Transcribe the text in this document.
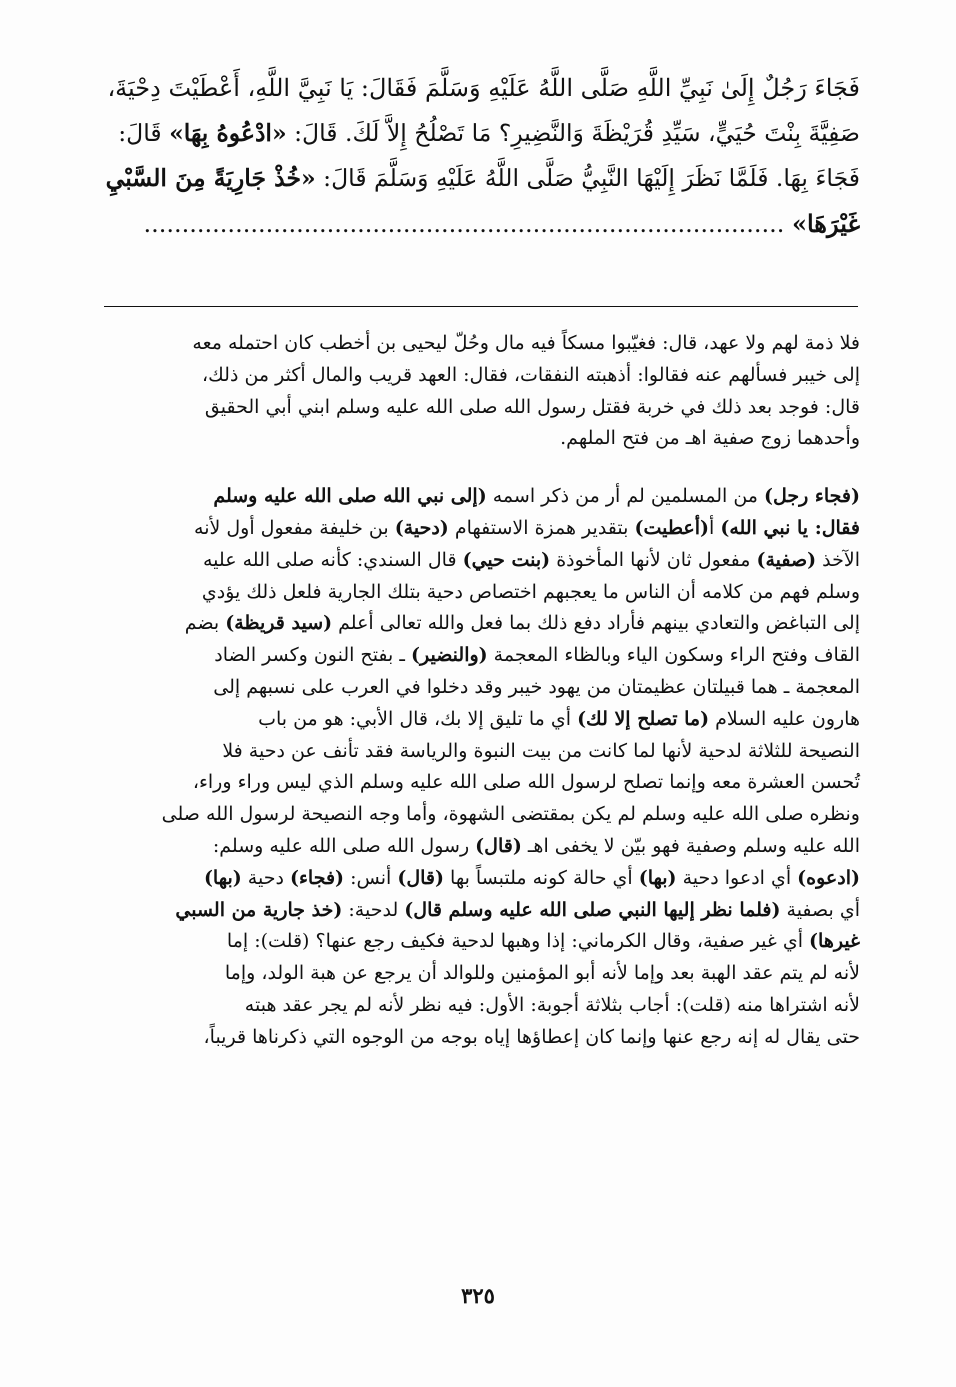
فَجَاءَ رَجُلٌ إِلَىٰ نَبِيِّ اللَّهِ صَلَّى اللَّهُ عَلَيْهِ وَسَلَّمَ فَقَالَ: يَا نَبِيَّ اللَّهِ، أَعْطَيْتَ دِحْيَةَ،
صَفِيَّةَ بِنْتَ حُيَيٍّ، سَيِّدِ قُرَيْظَةَ وَالنَّضِيرِ؟ مَا تَصْلُحُ إِلاَّ لَكَ. قَالَ: «ادْعُوهُ بِهَا» قَالَ:
فَجَاءَ بِهَا. فَلَمَّا نَظَرَ إِلَيْهَا النَّبِيُّ صَلَّى اللَّهُ عَلَيْهِ وَسَلَّمَ قَالَ: «خُذْ جَارِيَةً مِنَ السَّبْيِ
غَيْرَهَا» ....................................................................................
فلا ذمة لهم ولا عهد، قال: فغيّبوا مسكاً فيه مال وحُلّ ليحيى بن أخطب كان احتمله معه
إلى خيبر فسألهم عنه فقالوا: أذهبته النفقات، فقال: العهد قريب والمال أكثر من ذلك،
قال: فوجد بعد ذلك في خربة فقتل رسول الله صلى الله عليه وسلم ابني أبي الحقيق
وأحدهما زوج صفية اهـ من فتح الملهم.
(فجاء رجل) من المسلمين لم أر من ذكر اسمه (إلى نبي الله صلى الله عليه وسلم
فقال: يا نبي الله) أ(أعطيت) بتقدير همزة الاستفهام (دحية) بن خليفة مفعول أول لأنه
الآخذ (صفية) مفعول ثان لأنها المأخوذة (بنت حيي) قال السندي: كأنه صلى الله عليه
وسلم فهم من كلامه أن الناس ما يعجبهم اختصاص دحية بتلك الجارية فلعل ذلك يؤدي
إلى التباغض والتعادي بينهم فأراد دفع ذلك بما فعل والله تعالى أعلم (سيد قريظة) بضم
القاف وفتح الراء وسكون الياء وبالظاء المعجمة (والنضير) ـ بفتح النون وكسر الضاد
المعجمة ـ هما قبيلتان عظيمتان من يهود خيبر وقد دخلوا في العرب على نسبهم إلى
هارون عليه السلام (ما تصلح إلا لك) أي ما تليق إلا بك، قال الأبي: هو من باب
النصيحة للثلاثة لدحية لأنها لما كانت من بيت النبوة والرياسة فقد تأنف عن دحية فلا
تُحسن العشرة معه وإنما تصلح لرسول الله صلى الله عليه وسلم الذي ليس وراء وراء،
ونظره صلى الله عليه وسلم لم يكن بمقتضى الشهوة، وأما وجه النصيحة لرسول الله صلى
الله عليه وسلم وصفية فهو بيّن لا يخفى اهـ (قال) رسول الله صلى الله عليه وسلم:
(ادعوه) أي ادعوا دحية (بها) أي حالة كونه ملتبساً بها (قال) أنس: (فجاء) دحية (بها)
أي بصفية (فلما نظر إليها النبي صلى الله عليه وسلم قال) لدحية: (خذ جارية من السبي
غيرها) أي غير صفية، وقال الكرماني: إذا وهبها لدحية فكيف رجع عنها؟ (قلت): إما
لأنه لم يتم عقد الهبة بعد وإما لأنه أبو المؤمنين وللوالد أن يرجع عن هبة الولد، وإما
لأنه اشتراها منه (قلت): أجاب بثلاثة أجوبة: الأول: فيه نظر لأنه لم يجر عقد هبته
حتى يقال له إنه رجع عنها وإنما كان إعطاؤها إياه بوجه من الوجوه التي ذكرناها قريباً،
٣٢٥
